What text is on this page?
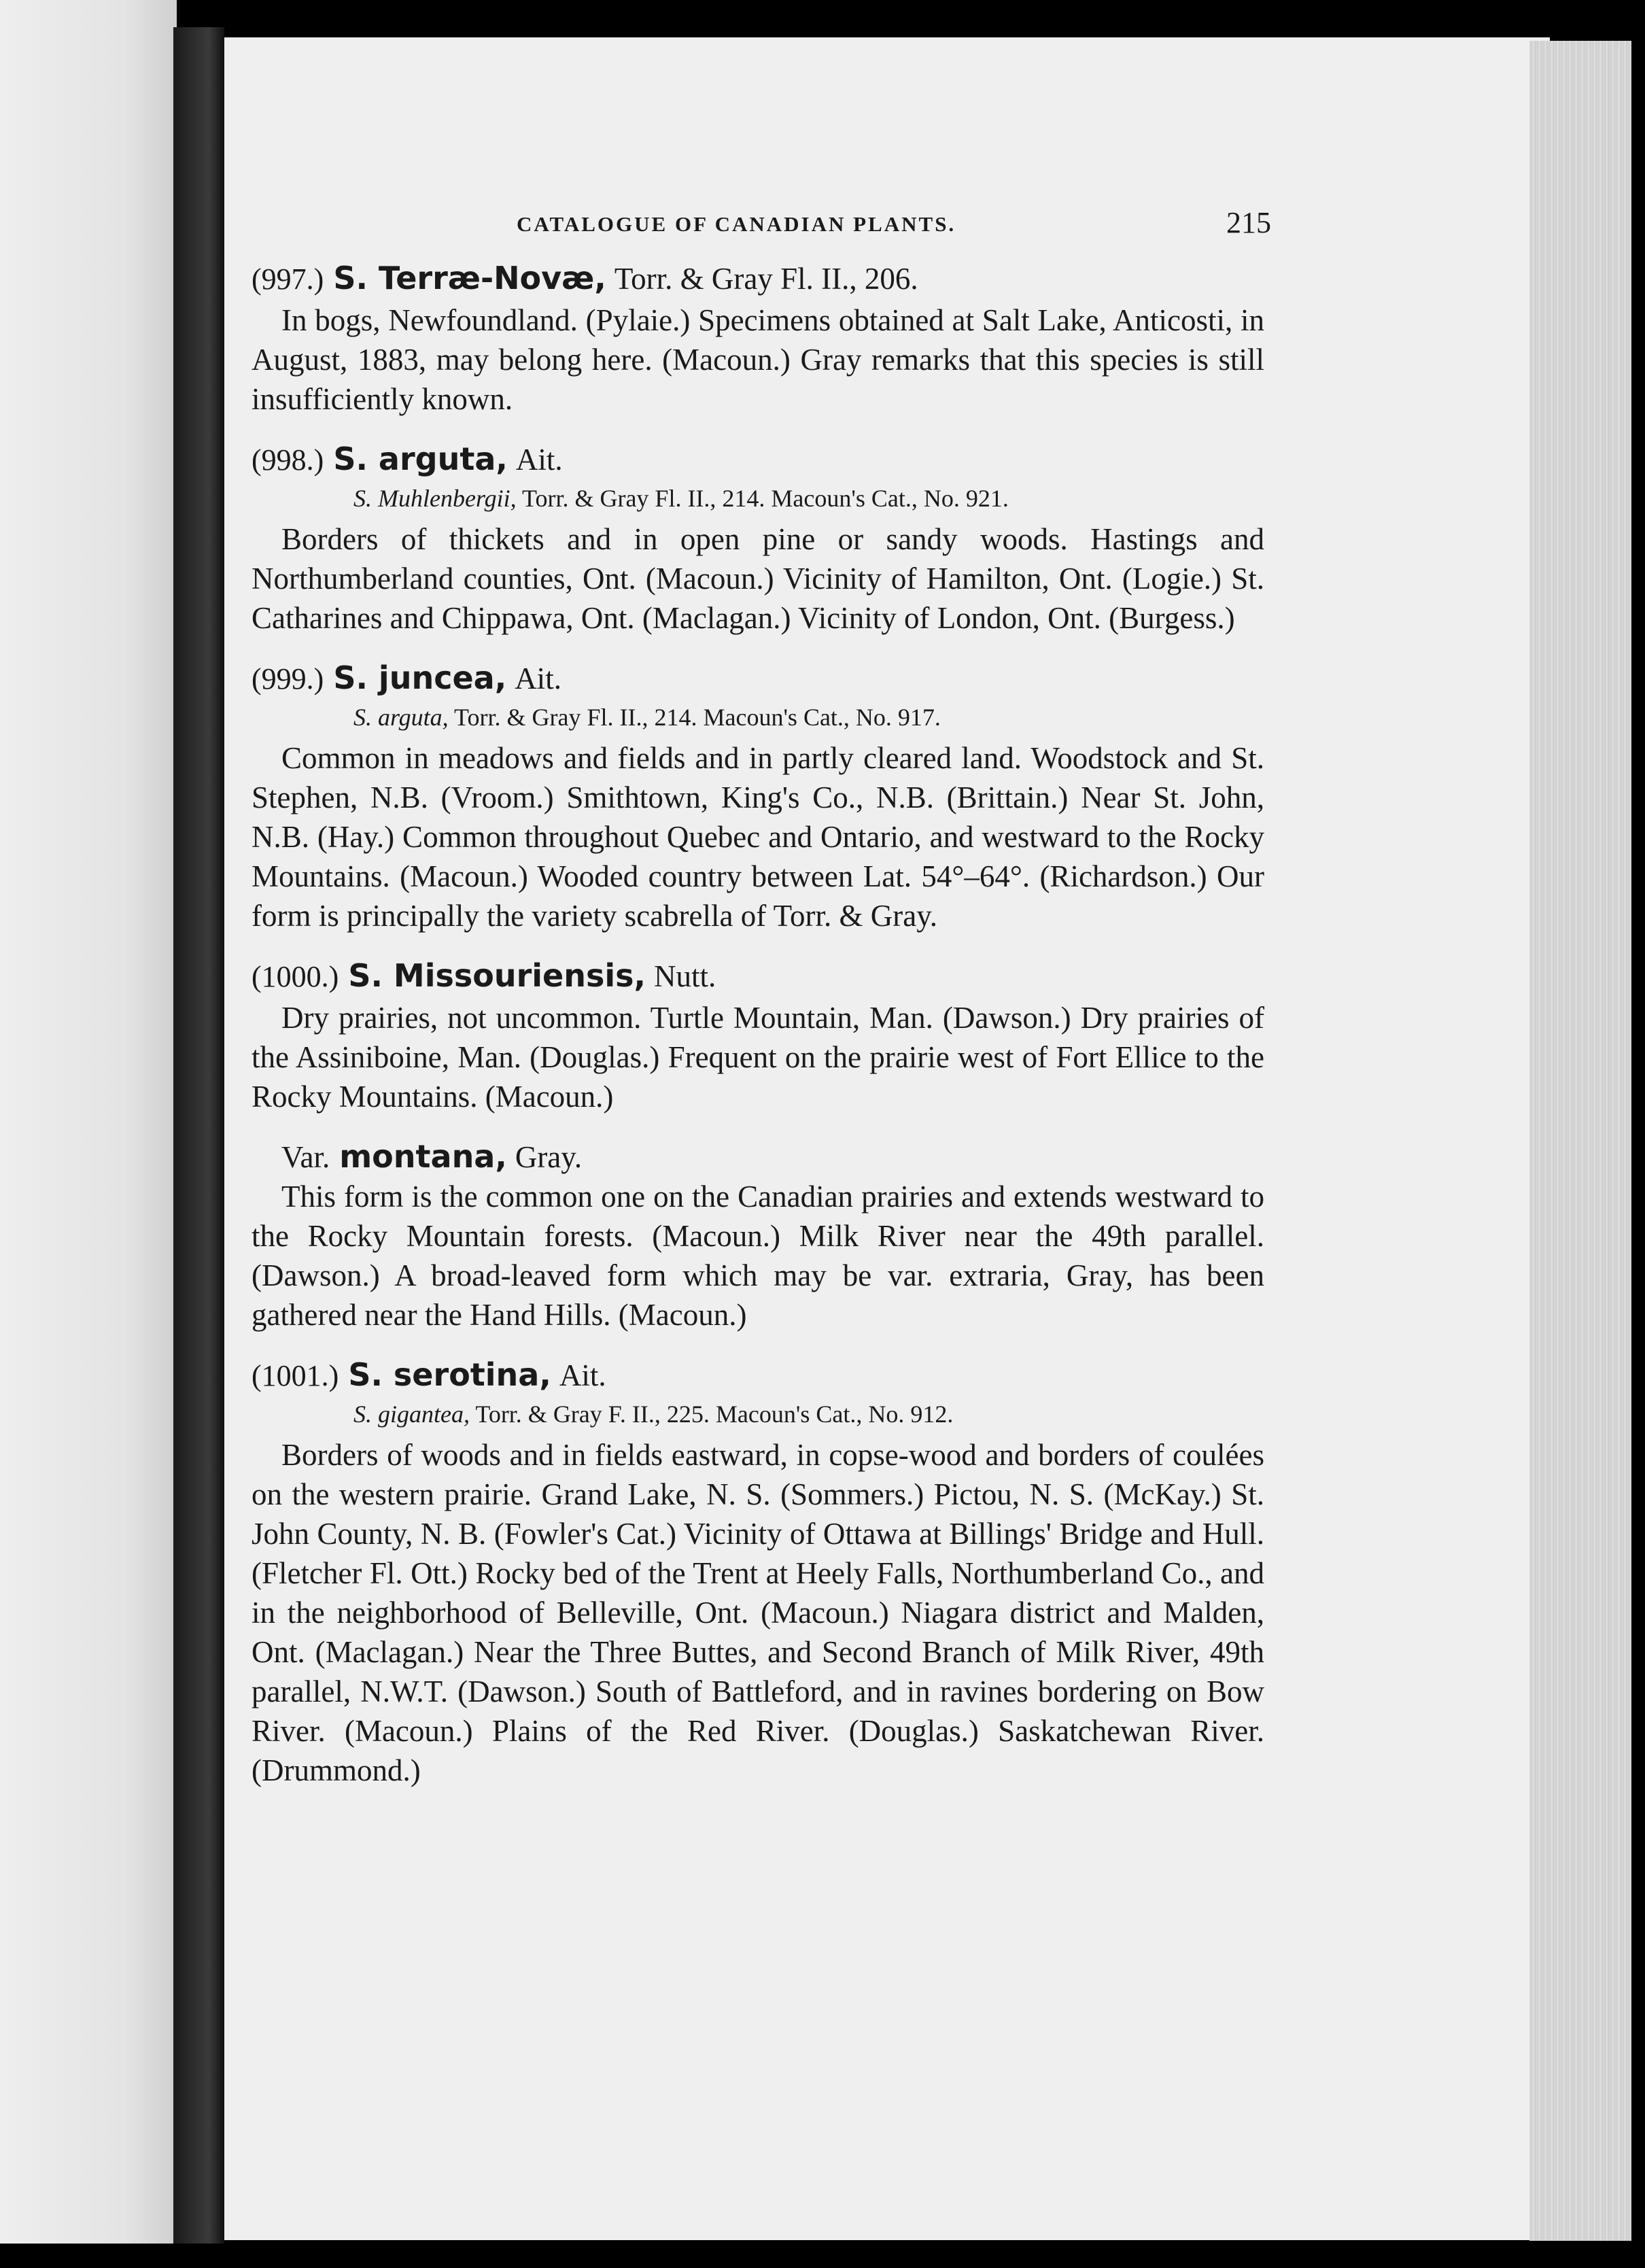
CATALOGUE OF CANADIAN PLANTS.	215
(997.) S. Terræ-Novæ, Torr. & Gray Fl. II., 206.
In bogs, Newfoundland. (Pylaie.) Specimens obtained at Salt Lake, Anticosti, in August, 1883, may belong here. (Macoun.) Gray remarks that this species is still insufficiently known.
(998.) S. arguta, Ait.
S. Muhlenbergii, Torr. & Gray Fl. II., 214. Macoun's Cat., No. 921.
Borders of thickets and in open pine or sandy woods. Hastings and Northumberland counties, Ont. (Macoun.) Vicinity of Hamilton, Ont. (Logie.) St. Catharines and Chippawa, Ont. (Maclagan.) Vicinity of London, Ont. (Burgess.)
(999.) S. juncea, Ait.
S. arguta, Torr. & Gray Fl. II., 214. Macoun's Cat., No. 917.
Common in meadows and fields and in partly cleared land. Woodstock and St. Stephen, N.B. (Vroom.) Smithtown, King's Co., N.B. (Brittain.) Near St. John, N.B. (Hay.) Common throughout Quebec and Ontario, and westward to the Rocky Mountains. (Macoun.) Wooded country between Lat. 54°–64°. (Richardson.) Our form is principally the variety scabrella of Torr. & Gray.
(1000.) S. Missouriensis, Nutt.
Dry prairies, not uncommon. Turtle Mountain, Man. (Dawson.) Dry prairies of the Assiniboine, Man. (Douglas.) Frequent on the prairie west of Fort Ellice to the Rocky Mountains. (Macoun.)
Var. montana, Gray.
This form is the common one on the Canadian prairies and extends westward to the Rocky Mountain forests. (Macoun.) Milk River near the 49th parallel. (Dawson.) A broad-leaved form which may be var. extraria, Gray, has been gathered near the Hand Hills. (Macoun.)
(1001.) S. serotina, Ait.
S. gigantea, Torr. & Gray F. II., 225. Macoun's Cat., No. 912.
Borders of woods and in fields eastward, in copse-wood and borders of coulées on the western prairie. Grand Lake, N. S. (Sommers.) Pictou, N. S. (McKay.) St. John County, N. B. (Fowler's Cat.) Vicinity of Ottawa at Billings' Bridge and Hull. (Fletcher Fl. Ott.) Rocky bed of the Trent at Heely Falls, Northumberland Co., and in the neighborhood of Belleville, Ont. (Macoun.) Niagara district and Malden, Ont. (Maclagan.) Near the Three Buttes, and Second Branch of Milk River, 49th parallel, N.W.T. (Dawson.) South of Battleford, and in ravines bordering on Bow River. (Macoun.) Plains of the Red River. (Douglas.) Saskatchewan River. (Drummond.)
